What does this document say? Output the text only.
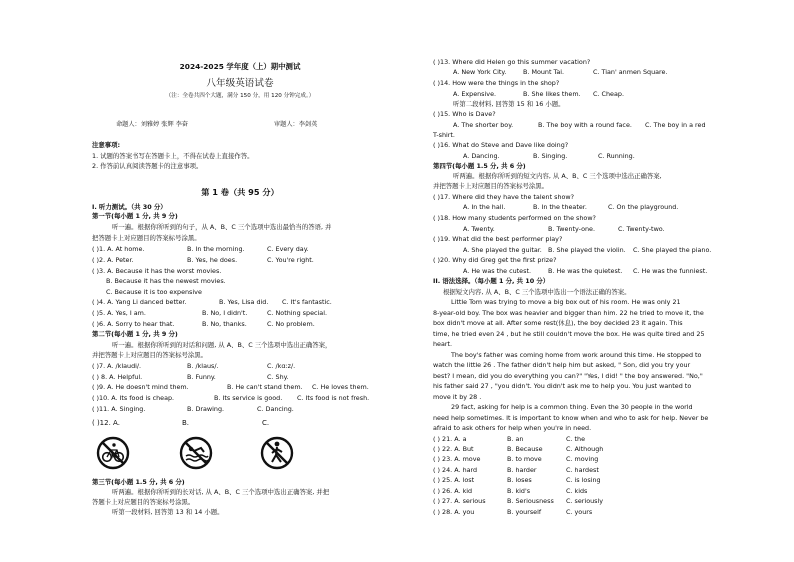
2024-2025 学年度（上）期中测试
八年级英语试卷
（注：全卷共四个大题，满分 150 分，用 120 分钟完成。）
命题人：刘雅婷 张辉 李奋	审题人：李剑英
注意事项:
1. 试题的答案书写在答题卡上，不得在试卷上直接作答。
2. 作答前认真阅读答题卡的注意事项。
第 1 卷（共 95 分）
I. 听力测试。（共 30 分）
第一节(每小题 1 分, 共 9 分)
听一遍。根据你所听到的句子，从 A、B、C 三个选项中选出最恰当的答语, 并
把答题卡上对应题目的答案标号涂黑。
( )1. A. At home.	B. In the morning.	C. Every day.
( )2. A. Peter.	B. Yes, he does.	C. You're right.
( )3. A. Because it has the worst movies.
B. Because it has the newest movies.
C. Because it is too expensive
( )4. A. Yang Li danced better.	B. Yes, Lisa did. C. It's fantastic.
( )5. A. Yes, I am.	B. No, I didn't.	C. Nothing special.
( )6. A. Sorry to hear that.	B. No, thanks.	C. No problem.
第二节(每小题 1 分, 共 9 分)
听一遍。根据你所听到的对话和问题, 从 A、B、C 三个选项中选出正确答案，
并把答题卡上对应题目的答案标号涂黑。
( )7. A. /klaudi/.	B. /klaus/.	C. /kɑːz/.
( ) 8. A. Helpful.	B. Funny.	C. Shy.
( )9. A. He doesn't mind them.	B. He can't stand them. C. He loves them.
( )10. A. Its food is cheap.	B. Its service is good. C. Its food is not fresh.
( )11. A. Singing.	B. Drawing.	C. Dancing.
( )12. A.	B.	C.
第三节(每小题 1.5 分, 共 6 分)
听两遍。根据你所听到的长对话, 从 A、B、C 三个选项中选出正确答案, 并把
答题卡上对应题目的答案标号涂黑。
听第一段材料, 回答第 13 和 14 小题。
( )13. Where did Helen go this summer vacation?
A. New York City.	B. Mount Tai.	C. Tian' anmen Square.
( )14. How were the things in the shop?
A. Expensive.	B. She likes them. C. Cheap.
听第二段材料, 回答第 15 和 16 小题。
( )15. Who is Dave?
A. The shorter boy.	B. The boy with a round face. C. The boy in a red
T-shirt.
( )16. What do Steve and Dave like doing?
A. Dancing.	B. Singing.	C. Running.
第四节(每小题 1.5 分, 共 6 分)
听两遍。根据你所听到的短文内容, 从 A、B、C 三个选项中选出正确答案,
并把答题卡上对应题目的答案标号涂黑。
( )17. Where did they have the talent show?
A. In the hall.	B. In the theater.	C. On the playground.
( )18. How many students performed on the show?
A. Twenty.	B. Twenty-one.	C. Twenty-two.
( )19. What did the best performer play?
A. She played the guitar. B. She played the violin. C. She played the piano.
( )20. Why did Greg get the first prize?
A. He was the cutest.	B. He was the quietest. C. He was the funniest.
II. 语法选择。（每小题 1 分, 共 10 分）
根据短文内容, 从 A、B、C 三个选项中选出一个语法正确的答案。
Little Tom was trying to move a big box out of his room. He was only 21
8-year-old boy. The box was heavier and bigger than him. 22 he tried to move it, the
box didn't move at all. After some rest(休息), the boy decided 23 it again. This
time, he tried even 24 , but he still couldn't move the box. He was quite tired and 25
heart.
The boy's father was coming home from work around this time. He stopped to
watch the little 26 . The father didn't help him but asked, " Son, did you try your
best? I mean, did you do everything you can?" "Yes, I did! " the boy answered. "No,"
his father said 27 , "you didn't. You didn't ask me to help you. You just wanted to
move it by 28 .
29 fact, asking for help is a common thing. Even the 30 people in the world
need help sometimes. It is important to know when and who to ask for help. Never be
afraid to ask others for help when you're in need.
( ) 21. A. a	B. an	C. the
( ) 22. A. But	B. Because	C. Although
( ) 23. A. move	B. to move	C. moving
( ) 24. A. hard	B. harder	C. hardest
( ) 25. A. lost	B. loses	C. is losing
( ) 26. A. kid	B. kid's	C. kids
( ) 27. A. serious	B. Seriousness C. seriously
( ) 28. A. you	B. yourself	C. yours
